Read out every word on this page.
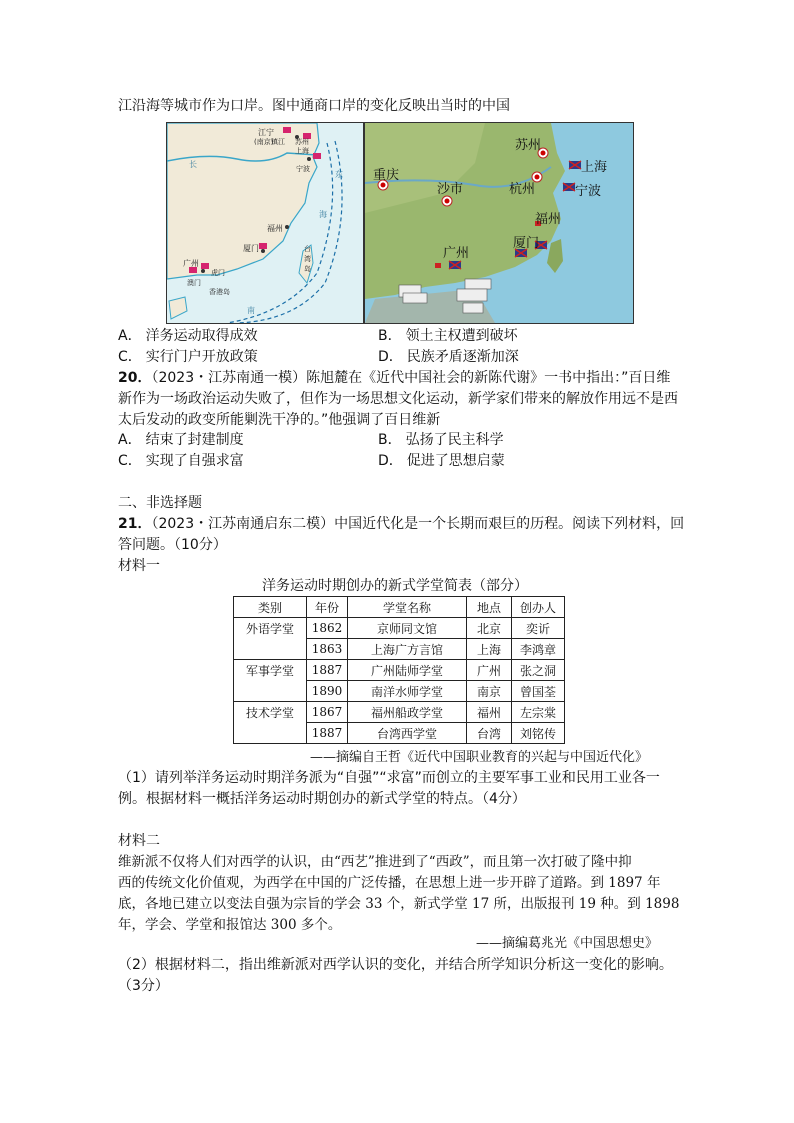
江沿海等城市作为口岸。图中通商口岸的变化反映出当时的中国
江宁
(南京)
镇江 苏州
上海
宁波
福州
厦门
广州
虎门
澳门
香港岛
台
湾
岛
长
东
南
海
苏州
上海
重庆
沙市	杭州	宁波
福州
广州
厦门
A． 洋务运动取得成效	B． 领土主权遭到破坏
C． 实行门户开放政策	D． 民族矛盾逐渐加深
20．（2023・江苏南通一模）陈旭麓在《近代中国社会的新陈代谢》一书中指出：”百日维
新作为一场政治运动失败了，但作为一场思想文化运动，新学家们带来的解放作用远不是西
太后发动的政变所能剿洗干净的。”他强调了百日维新
A． 结束了封建制度	B． 弘扬了民主科学
C． 实现了自强求富	D． 促进了思想启蒙
二、非选择题
21．（2023・江苏南通启东二模）中国近代化是一个长期而艰巨的历程。阅读下列材料，回
答问题。（10分）
材料一
洋务运动时期创办的新式学堂简表（部分）
类别	年份	学堂名称	地点	创办人
外语学堂	1862	京师同文馆	北京	奕䜣
	1863	上海广方言馆	上海	李鸿章
军事学堂	1887	广州陆师学堂	广州	张之洞
	1890	南洋水师学堂	南京	曾国荃
技术学堂	1867	福州船政学堂	福州	左宗棠
	1887	台湾西学堂	台湾	刘铭传
——摘编自王哲《近代中国职业教育的兴起与中国近代化》
（1）请列举洋务运动时期洋务派为“自强”“求富”而创立的主要军事工业和民用工业各一
例。根据材料一概括洋务运动时期创办的新式学堂的特点。（4分）
材料二
维新派不仅将人们对西学的认识，由“西艺”推进到了“西政”，而且第一次打破了隆中抑
西的传统文化价值观，为西学在中国的广泛传播，在思想上进一步开辟了道路。到 1897 年
底，各地已建立以变法自强为宗旨的学会 33 个，新式学堂 17 所，出版报刊 19 种。到 1898
年，学会、学堂和报馆达 300 多个。
——摘编葛兆光《中国思想史》
（2）根据材料二，指出维新派对西学认识的变化，并结合所学知识分析这一变化的影响。
（3分）
